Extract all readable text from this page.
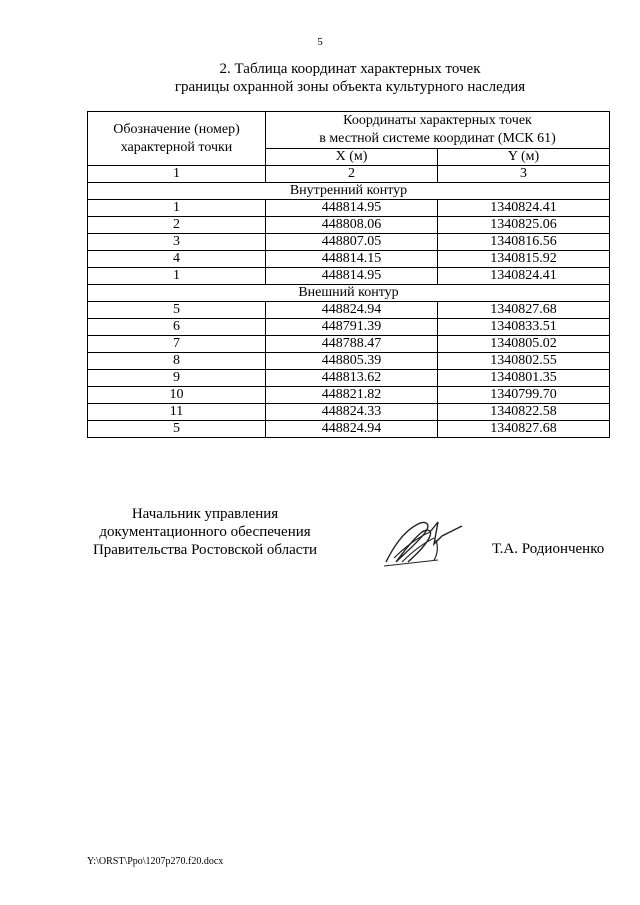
5
2. Таблица координат характерных точек
границы охранной зоны объекта культурного наследия
Обозначение (номер) характерной точки	Координаты характерных точек
в местной системе координат (МСК 61)	

	X (м)	Y (м)
1	2	3
Внутренний контур		
1	448814.95	1340824.41
2	448808.06	1340825.06
3	448807.05	1340816.56
4	448814.15	1340815.92
1	448814.95	1340824.41
Внешний контур		
5	448824.94	1340827.68
6	448791.39	1340833.51
7	448788.47	1340805.02
8	448805.39	1340802.55
9	448813.62	1340801.35
10	448821.82	1340799.70
11	448824.33	1340822.58
5	448824.94	1340827.68
Начальник управления
документационного обеспечения
Правительства Ростовской области	Т.А. Родионченко
Y:\ORST\Ppo\1207p270.f20.docx
